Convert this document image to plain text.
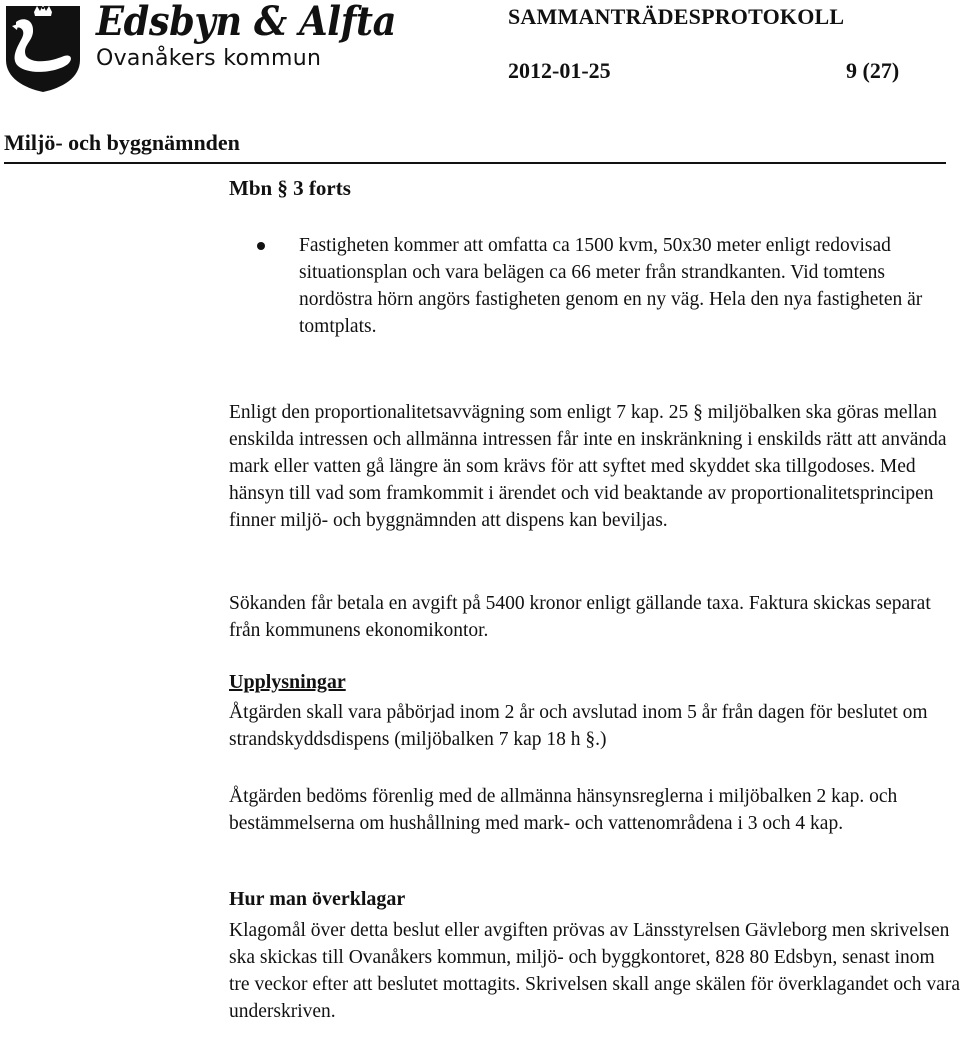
Edsbyn & Alfta
Ovanåkers kommun
SAMMANTRÄDESPROTOKOLL
2012-01-25	9 (27)
Miljö- och byggnämnden
Mbn § 3 forts

Fastigheten kommer att omfatta ca 1500 kvm, 50x30 meter enligt redovisad situationsplan och vara belägen ca 66 meter från strandkanten. Vid tomtens nordöstra hörn angörs fastigheten genom en ny väg. Hela den nya fastigheten är tomtplats.

Enligt den proportionalitetsavvägning som enligt 7 kap. 25 § miljöbalken ska göras mellan enskilda intressen och allmänna intressen får inte en inskränkning i enskilds rätt att använda mark eller vatten gå längre än som krävs för att syftet med skyddet ska tillgodoses. Med hänsyn till vad som framkommit i ärendet och vid beaktande av proportionalitetsprincipen finner miljö- och byggnämnden att dispens kan beviljas.

Sökanden får betala en avgift på 5400 kronor enligt gällande taxa. Faktura skickas separat från kommunens ekonomikontor.

Upplysningar

Åtgärden skall vara påbörjad inom 2 år och avslutad inom 5 år från dagen för beslutet om strandskyddsdispens (miljöbalken 7 kap 18 h §.)

Åtgärden bedöms förenlig med de allmänna hänsynsreglerna i miljöbalken 2 kap. och bestämmelserna om hushållning med mark- och vattenområdena i 3 och 4 kap.

Hur man överklagar

Klagomål över detta beslut eller avgiften prövas av Länsstyrelsen Gävleborg men skrivelsen ska skickas till Ovanåkers kommun, miljö- och byggkontoret, 828 80 Edsbyn, senast inom tre veckor efter att beslutet mottagits. Skrivelsen skall ange skälen för överklagandet och vara underskriven.
